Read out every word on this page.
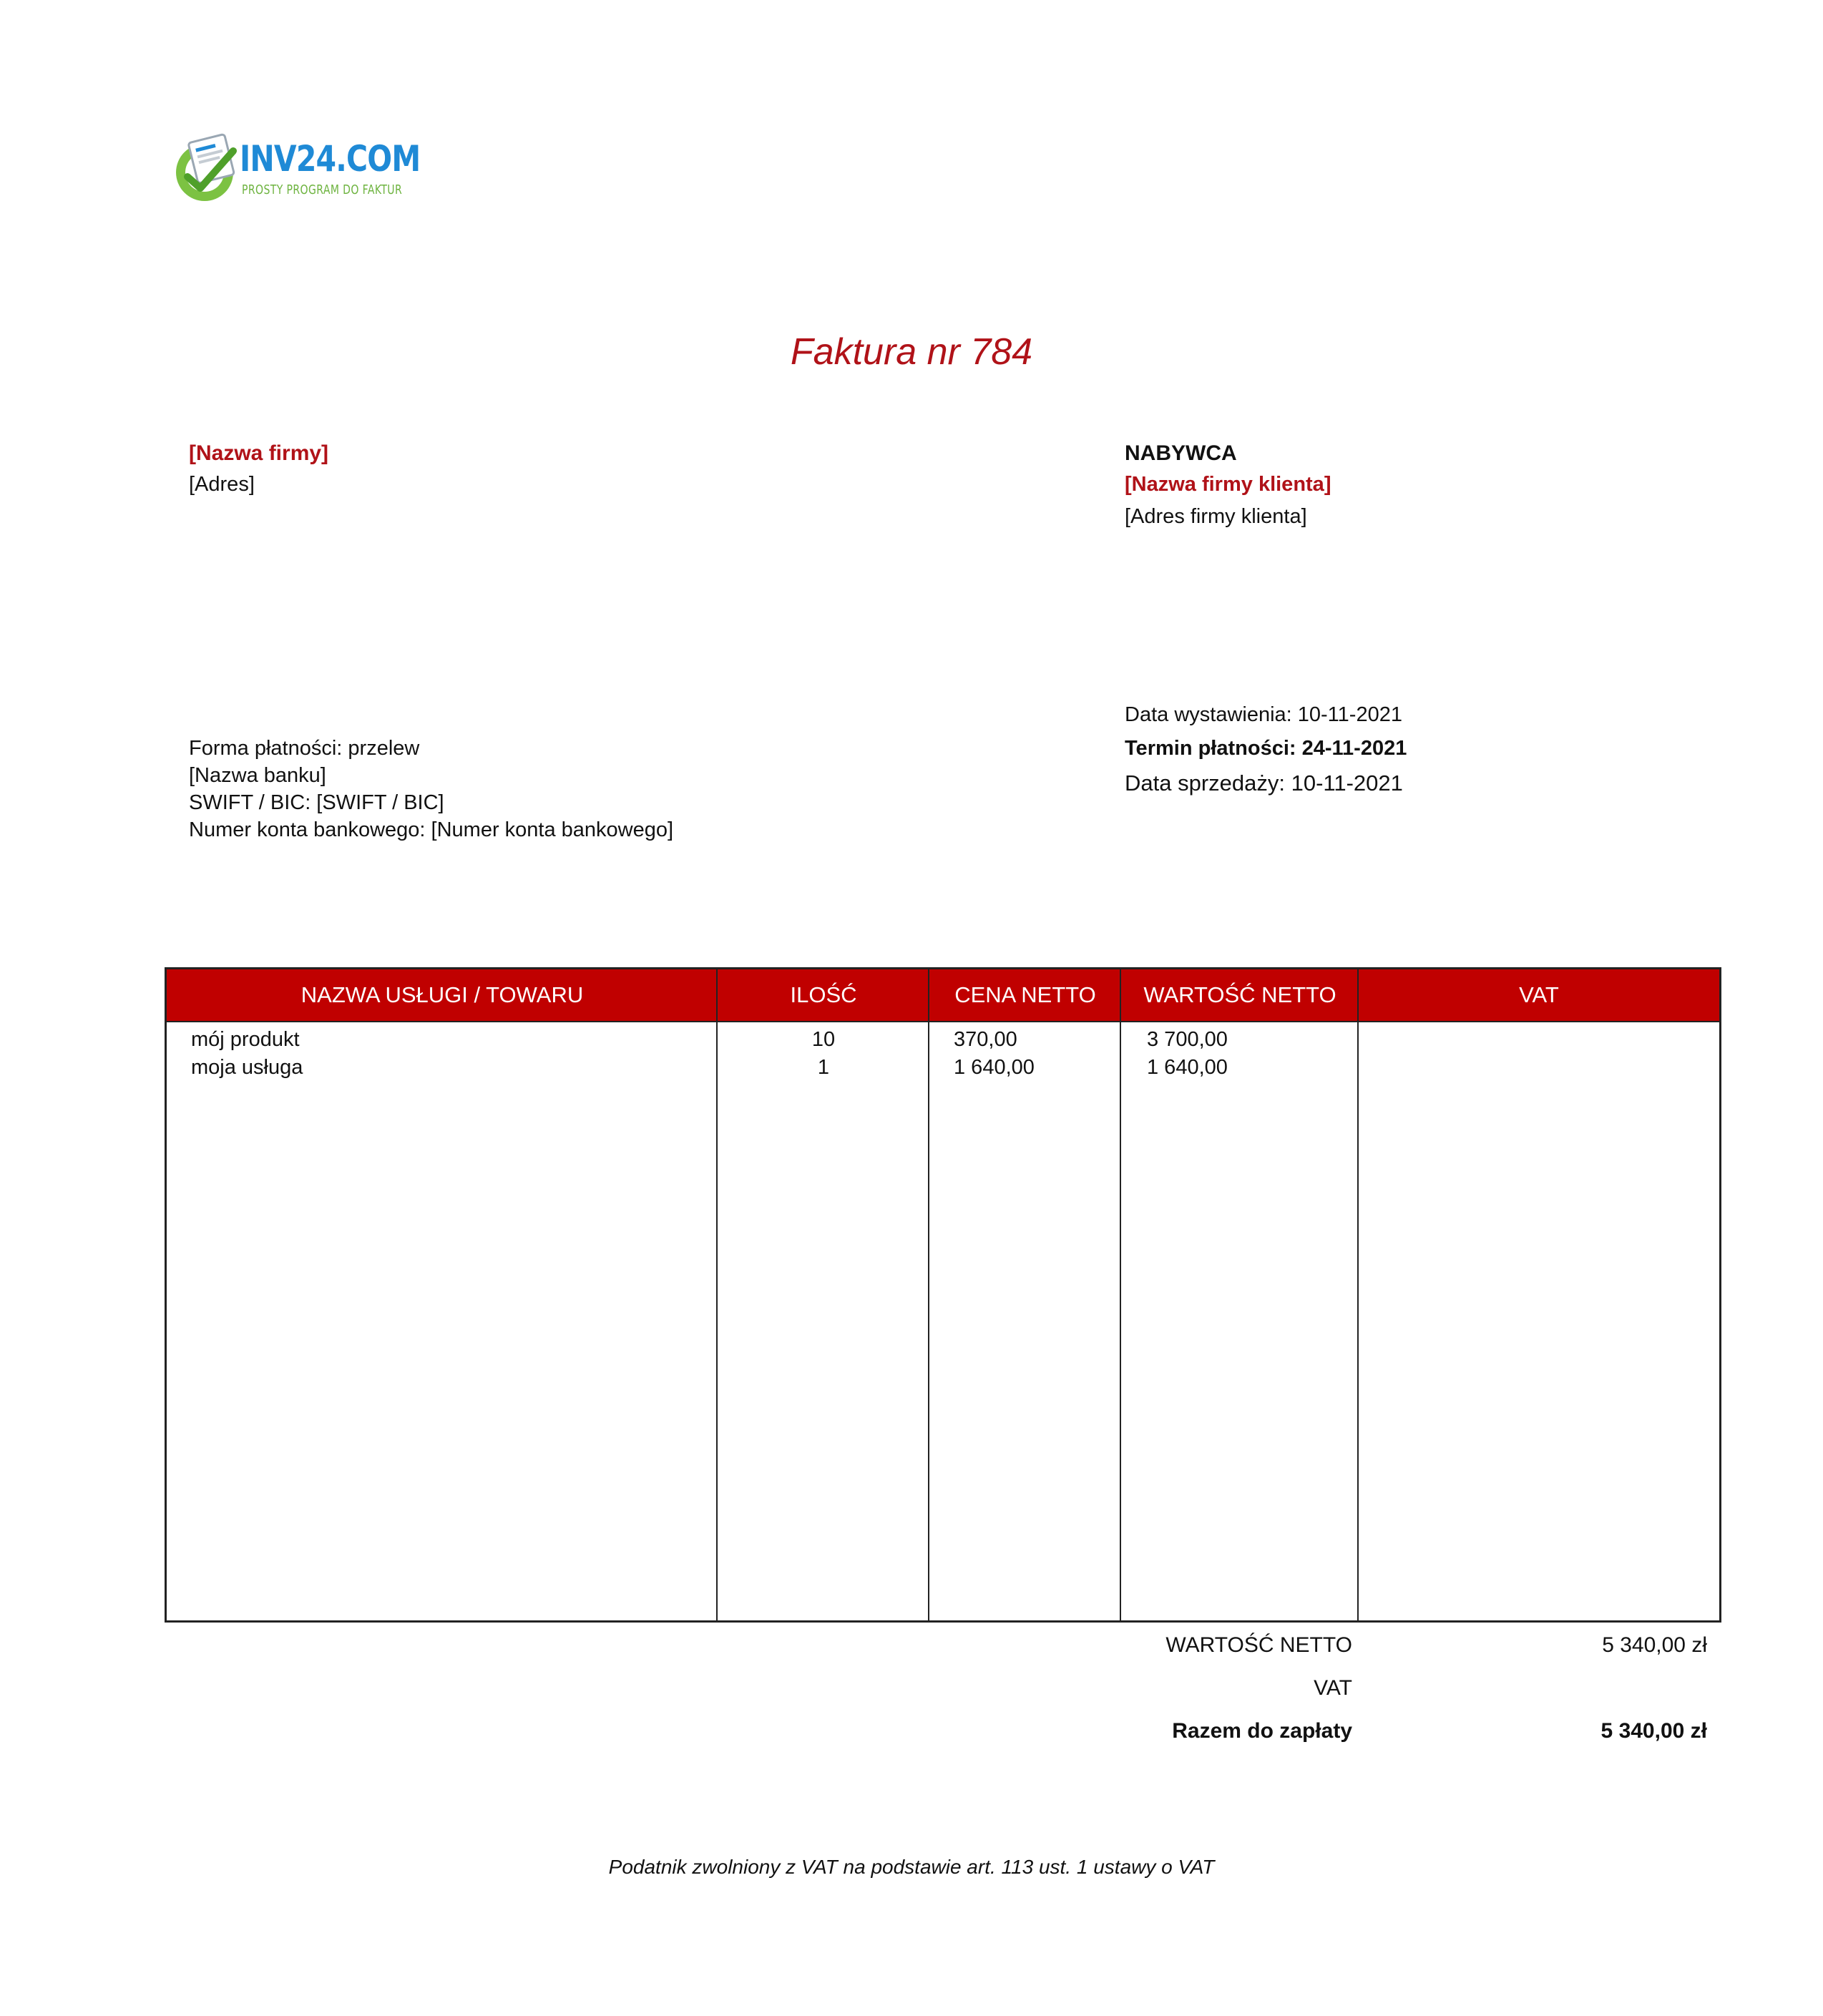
INV24.COM
PROSTY PROGRAM DO FAKTUR
Faktura nr 784
[Nazwa firmy]
[Adres]
NABYWCA
[Nazwa firmy klienta]
[Adres firmy klienta]
Forma płatności: przelew
[Nazwa banku]
SWIFT / BIC: [SWIFT / BIC]
Numer konta bankowego: [Numer konta bankowego]
Data wystawienia: 10-11-2021
Termin płatności: 24-11-2021
Data sprzedaży: 10-11-2021
NAZWA USŁUGI / TOWARU	ILOŚĆ	CENA NETTO	WARTOŚĆ NETTO	VAT
mój produkt	10	370,00	3 700,00
moja usługa	1	1 640,00	1 640,00
WARTOŚĆ NETTO	5 340,00 zł
VAT
Razem do zapłaty	5 340,00 zł
Podatnik zwolniony z VAT na podstawie art. 113 ust. 1 ustawy o VAT
